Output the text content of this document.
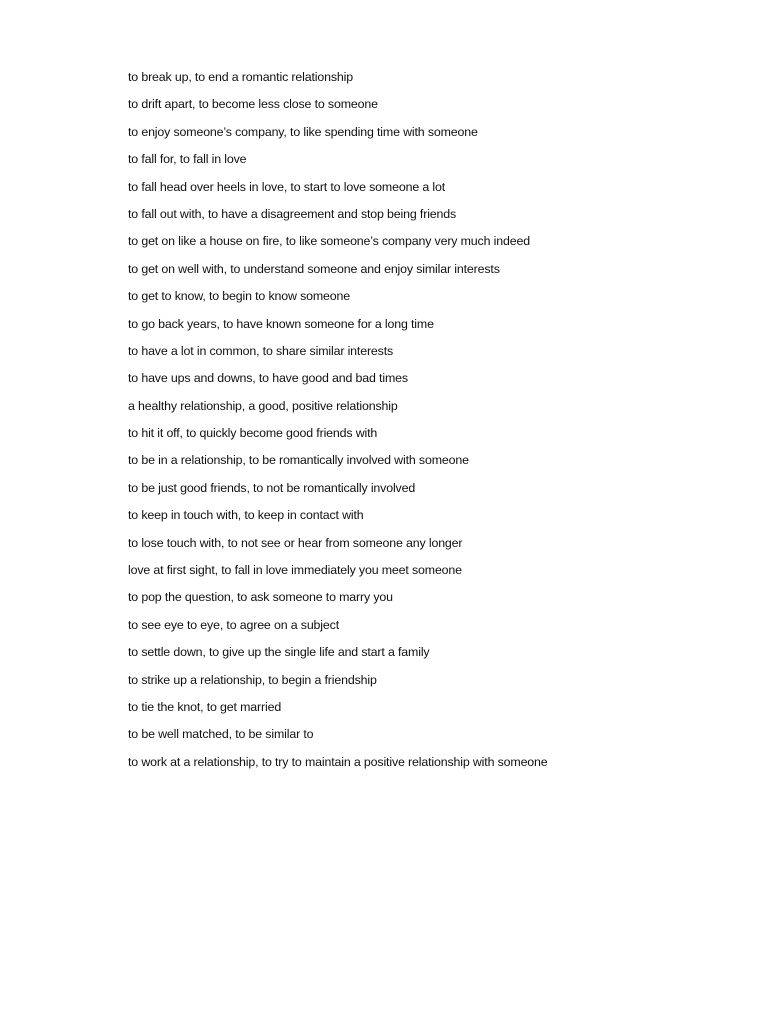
to break up, to end a romantic relationship
to drift apart, to become less close to someone
to enjoy someone’s company, to like spending time with someone
to fall for, to fall in love
to fall head over heels in love, to start to love someone a lot
to fall out with, to have a disagreement and stop being friends
to get on like a house on fire, to like someone’s company very much indeed
to get on well with, to understand someone and enjoy similar interests
to get to know, to begin to know someone
to go back years, to have known someone for a long time
to have a lot in common, to share similar interests
to have ups and downs, to have good and bad times
a healthy relationship, a good, positive relationship
to hit it off, to quickly become good friends with
to be in a relationship, to be romantically involved with someone
to be just good friends, to not be romantically involved
to keep in touch with, to keep in contact with
to lose touch with, to not see or hear from someone any longer
love at first sight, to fall in love immediately you meet someone
to pop the question, to ask someone to marry you
to see eye to eye, to agree on a subject
to settle down, to give up the single life and start a family
to strike up a relationship, to begin a friendship
to tie the knot, to get married
to be well matched, to be similar to
to work at a relationship, to try to maintain a positive relationship with someone
